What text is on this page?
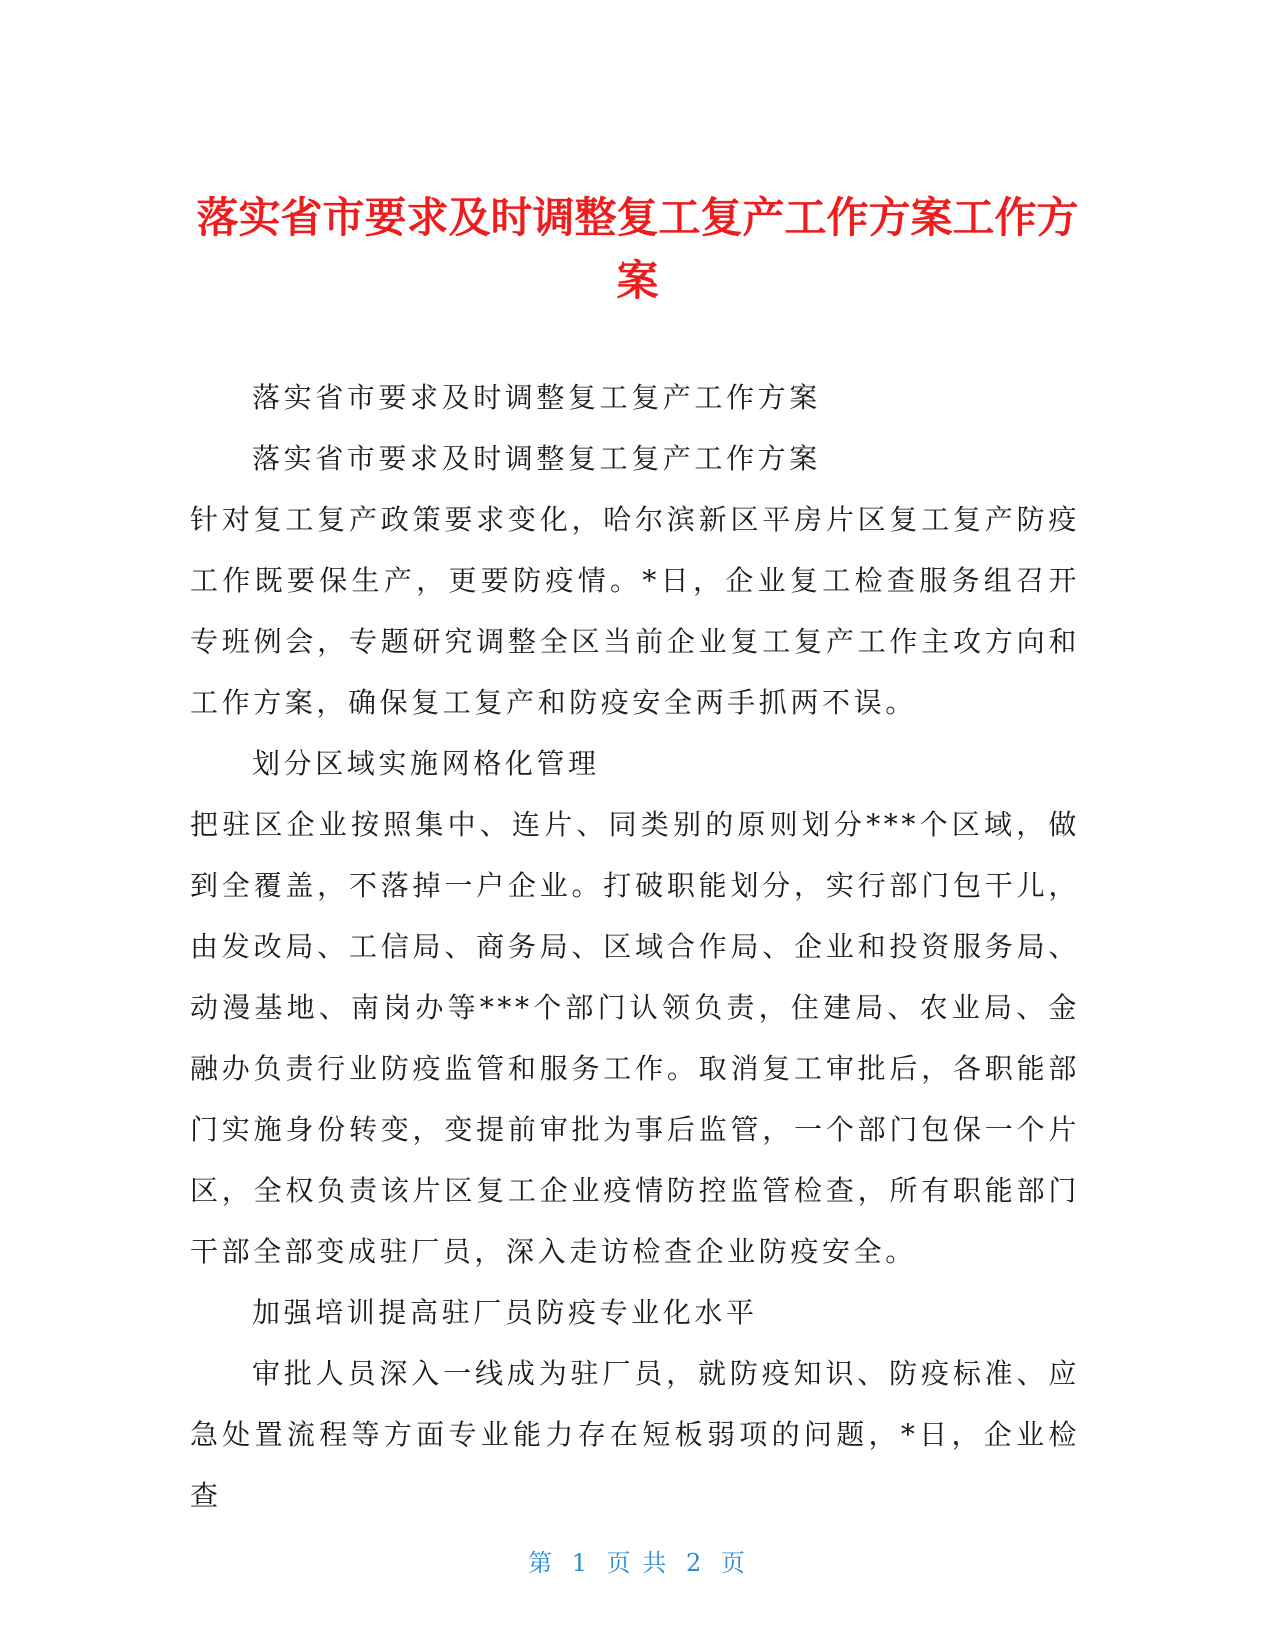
落实省市要求及时调整复工复产工作方案工作方案

落实省市要求及时调整复工复产工作方案

落实省市要求及时调整复工复产工作方案

针对复工复产政策要求变化，哈尔滨新区平房片区复工复产防疫工作既要保生产，更要防疫情。*日，企业复工检查服务组召开专班例会，专题研究调整全区当前企业复工复产工作主攻方向和工作方案，确保复工复产和防疫安全两手抓两不误。

划分区域实施网格化管理

把驻区企业按照集中、连片、同类别的原则划分***个区域，做到全覆盖，不落掉一户企业。打破职能划分，实行部门包干儿，由发改局、工信局、商务局、区域合作局、企业和投资服务局、动漫基地、南岗办等***个部门认领负责，住建局、农业局、金融办负责行业防疫监管和服务工作。取消复工审批后，各职能部门实施身份转变，变提前审批为事后监管，一个部门包保一个片区，全权负责该片区复工企业疫情防控监管检查，所有职能部门干部全部变成驻厂员，深入走访检查企业防疫安全。

加强培训提高驻厂员防疫专业化水平

审批人员深入一线成为驻厂员，就防疫知识、防疫标准、应急处置流程等方面专业能力存在短板弱项的问题，*日，企业检查

第 1 页 共 2 页
